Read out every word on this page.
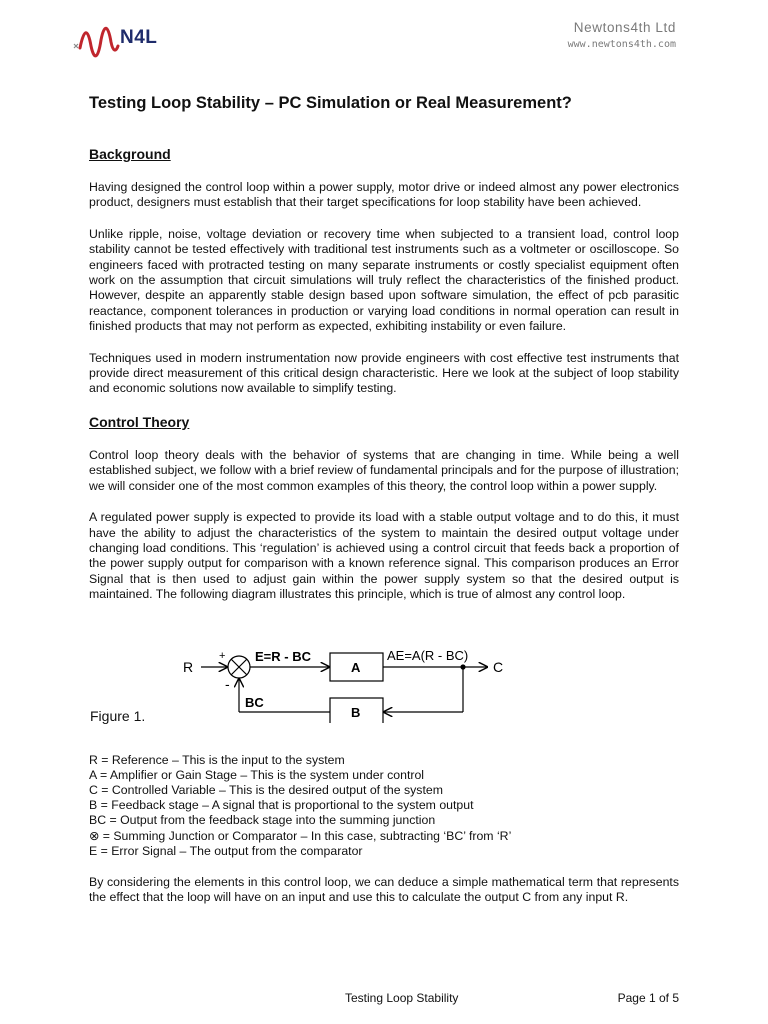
N4L	Newtons4th Ltd
www.newtons4th.com
Testing Loop Stability – PC Simulation or Real Measurement?
Background

Having designed the control loop within a power supply, motor drive or indeed almost any power electronics product, designers must establish that their target specifications for loop stability have been achieved.

Unlike ripple, noise, voltage deviation or recovery time when subjected to a transient load, control loop stability cannot be tested effectively with traditional test instruments such as a voltmeter or oscilloscope. So engineers faced with protracted testing on many separate instruments or costly specialist equipment often work on the assumption that circuit simulations will truly reflect the characteristics of the finished product. However, despite an apparently stable design based upon software simulation, the effect of pcb parasitic reactance, component tolerances in production or varying load conditions in normal operation can result in finished products that may not perform as expected, exhibiting instability or even failure.

Techniques used in modern instrumentation now provide engineers with cost effective test instruments that provide direct measurement of this critical design characteristic. Here we look at the subject of loop stability and economic solutions now available to simplify testing.

Control Theory

Control loop theory deals with the behavior of systems that are changing in time. While being a well established subject, we follow with a brief review of fundamental principals and for the purpose of illustration; we will consider one of the most common examples of this theory, the control loop within a power supply.

A regulated power supply is expected to provide its load with a stable output voltage and to do this, it must have the ability to adjust the characteristics of the system to maintain the desired output voltage under changing load conditions. This ‘regulation’ is achieved using a control circuit that feeds back a proportion of the power supply output for comparison with a known reference signal. This comparison produces an Error Signal that is then used to adjust gain within the power supply system so that the desired output is maintained. The following diagram illustrates this principle, which is true of almost any control loop.

Figure 1.
R
+
-
E=R - BC
A
AE=A(R - BC)
C
B
BC
R = Reference – This is the input to the system
A = Amplifier or Gain Stage – This is the system under control
C = Controlled Variable – This is the desired output of the system
B = Feedback stage – A signal that is proportional to the system output
BC = Output from the feedback stage into the summing junction
⊗ = Summing Junction or Comparator – In this case, subtracting ‘BC’ from ‘R’
E = Error Signal – The output from the comparator

By considering the elements in this control loop, we can deduce a simple mathematical term that represents the effect that the loop will have on an input and use this to calculate the output C from any input R.

Testing Loop Stability	Page 1 of 5
